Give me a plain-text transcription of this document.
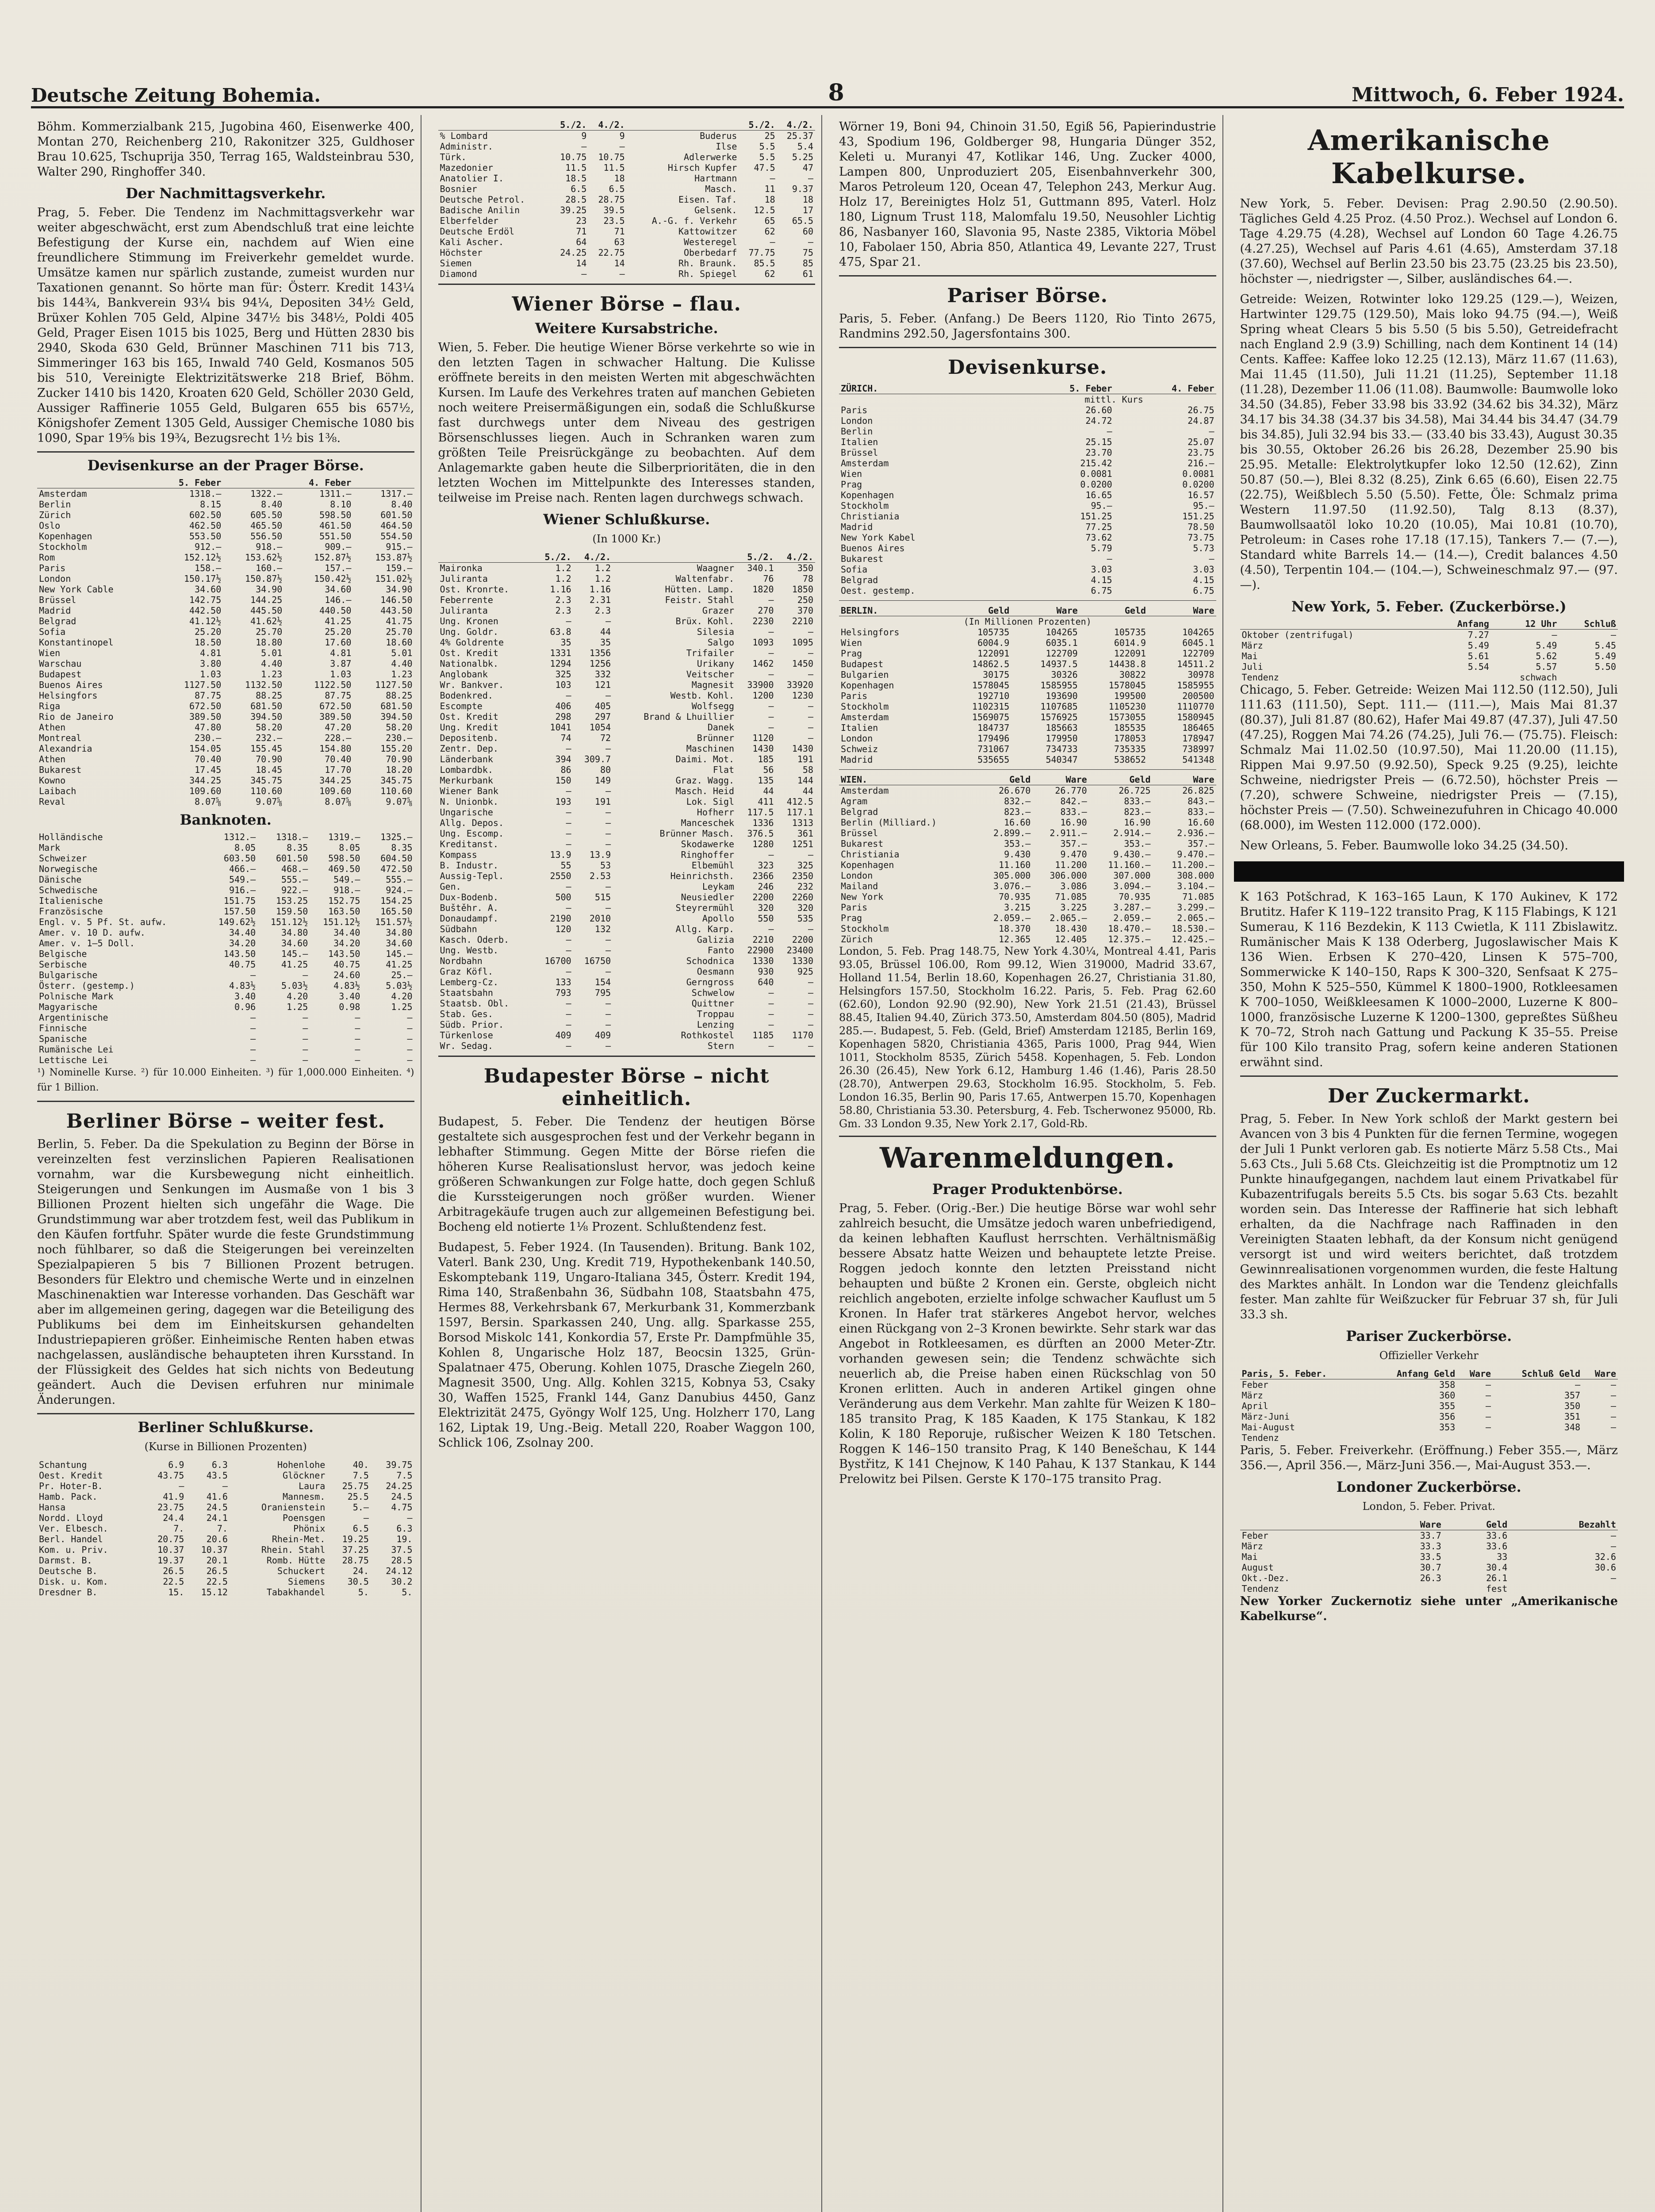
Deutsche Zeitung Bohemia.	8	Mittwoch, 6. Feber 1924.

Böhm. Kommerzialbank 215, Jugobina 460, Eisenwerke 400, Montan 270, Reichenberg 210, Rakonitzer 325, Guldhoser Brau 10.625, Tschuprija 350, Terrag 165, Waldsteinbrau 530, Walter 290, Ringhoffer 340.

Der Nachmittagsverkehr.

Prag, 5. Feber. Die Tendenz im Nachmittagsverkehr war weiter abgeschwächt, erst zum Abendschluß trat eine leichte Befestigung der Kurse ein, nachdem auf Wien eine freundlichere Stimmung im Freiverkehr gemeldet wurde. Umsätze kamen nur spärlich zustande, zumeist wurden nur Taxationen genannt. So hörte man für: Österr. Kredit 143¼ bis 144¾, Bankverein 93¼ bis 94¼, Depositen 34½ Geld, Brüxer Kohlen 705 Geld, Alpine 347½ bis 348½, Poldi 405 Geld, Prager Eisen 1015 bis 1025, Berg und Hütten 2830 bis 2940, Skoda 630 Geld, Brünner Maschinen 711 bis 713, Simmeringer 163 bis 165, Inwald 740 Geld, Kosmanos 505 bis 510, Vereinigte Elektrizitätswerke 218 Brief, Böhm. Zucker 1410 bis 1420, Kroaten 620 Geld, Schöller 2030 Geld, Aussiger Raffinerie 1055 Geld, Bulgaren 655 bis 657½, Königshofer Zement 1305 Geld, Aussiger Chemische 1080 bis 1090, Spar 19⅝ bis 19¾, Bezugsrecht 1½ bis 1⅜.

Devisenkurse an der Prager Börse.
	5. Feber		4. Feber	
Amsterdam	1318.—	1322.—	1311.—	1317.—
Berlin	8.15	8.40	8.10	8.40
Zürich	602.50	605.50	598.50	601.50
Oslo	462.50	465.50	461.50	464.50
Kopenhagen	553.50	556.50	551.50	554.50
Stockholm	912.—	918.—	909.—	915.—
Rom	152.12½	153.62½	152.87½	153.87½
Paris	158.—	160.—	157.—	159.—
London	150.17½	150.87½	150.42½	151.02½
New York Cable	34.60	34.90	34.60	34.90
Brüssel	142.75	144.25	146.—	146.50
Madrid	442.50	445.50	440.50	443.50
Belgrad	41.12½	41.62½	41.25	41.75
Sofia	25.20	25.70	25.20	25.70
Konstantinopel	18.50	18.80	17.60	18.60
Wien	4.81	5.01	4.81	5.01
Warschau	3.80	4.40	3.87	4.40
Budapest	1.03	1.23	1.03	1.23
Buenos Aires	1127.50	1132.50	1122.50	1127.50
Helsingfors	87.75	88.25	87.75	88.25
Riga	672.50	681.50	672.50	681.50
Rio de Janeiro	389.50	394.50	389.50	394.50
Athen	47.80	58.20	47.20	58.20
Montreal	230.—	232.—	228.—	230.—
Alexandria	154.05	155.45	154.80	155.20
Athen	70.40	70.90	70.40	70.90
Bukarest	17.45	18.45	17.70	18.20
Kowno	344.25	345.75	344.25	345.75
Laibach	109.60	110.60	109.60	110.60
Reval	8.07⅝	9.07⅝	8.07⅝	9.07⅝
Banknoten.
Holländische	1312.—	1318.—	1319.—	1325.—
Mark	8.05	8.35	8.05	8.35
Schweizer	603.50	601.50	598.50	604.50
Norwegische	466.—	468.—	469.50	472.50
Dänische	549.—	555.—	549.—	555.—
Schwedische	916.—	922.—	918.—	924.—
Italienische	151.75	153.25	152.75	154.25
Französische	157.50	159.50	163.50	165.50
Engl. v. 5 Pf. St. aufw.	149.62½	151.12½	151.12½	151.57½
Amer. v. 10 D. aufw.	34.40	34.80	34.40	34.80
Amer. v. 1–5 Doll.	34.20	34.60	34.20	34.60
Belgische	143.50	145.—	143.50	145.—
Serbische	40.75	41.25	40.75	41.25
Bulgarische	—	—	24.60	25.—
Österr. (gestemp.)	4.83½	5.03½	4.83½	5.03½
Polnische Mark	3.40	4.20	3.40	4.20
Magyarische	0.96	1.25	0.98	1.25
Argentinische	—	—	—	—
Finnische	—	—	—	—
Spanische	—	—	—	—
Rumänische Lei	—	—	—	—
Lettische Lei	—	—	—	—

¹) Nominelle Kurse. ²) für 10.000 Einheiten. ³) für 1,000.000 Einheiten. ⁴) für 1 Billion.

Berliner Börse – weiter fest.

Berlin, 5. Feber. Da die Spekulation zu Beginn der Börse in vereinzelten fest verzinslichen Papieren Realisationen vornahm, war die Kursbewegung nicht einheitlich. Steigerungen und Senkungen im Ausmaße von 1 bis 3 Billionen Prozent hielten sich ungefähr die Wage. Die Grundstimmung war aber trotzdem fest, weil das Publikum in den Käufen fortfuhr. Später wurde die feste Grundstimmung noch fühlbarer, so daß die Steigerungen bei vereinzelten Spezialpapieren 5 bis 7 Billionen Prozent betrugen. Besonders für Elektro und chemische Werte und in einzelnen Maschinenaktien war Interesse vorhanden. Das Geschäft war aber im allgemeinen gering, dagegen war die Beteiligung des Publikums bei dem im Einheitskursen gehandelten Industriepapieren größer. Einheimische Renten haben etwas nachgelassen, ausländische behaupteten ihren Kursstand. In der Flüssigkeit des Geldes hat sich nichts von Bedeutung geändert. Auch die Devisen erfuhren nur minimale Änderungen.

Berliner Schlußkurse.

(Kurse in Billionen Prozenten)

Schantung	6.9	6.3	Hohenlohe	40.	39.75
Oest. Kredit	43.75	43.5	Glöckner	7.5	7.5
Pr. Hoter-B.	—	—	Laura	25.75	24.25
Hamb. Pack.	41.9	41.6	Mannesm.	25.5	24.5
Hansa	23.75	24.5	Oranienstein	5.—	4.75
Nordd. Lloyd	24.4	24.1	Poensgen	—	—
Ver. Elbesch.	7.	7.	Phönix	6.5	6.3
Berl. Handel	20.75	20.6	Rhein-Met.	19.25	19.
Kom. u. Priv.	10.37	10.37	Rhein. Stahl	37.25	37.5
Darmst. B.	19.37	20.1	Romb. Hütte	28.75	28.5
Deutsche B.	26.5	26.5	Schuckert	24.	24.12
Disk. u. Kom.	22.5	22.5	Siemens	30.5	30.2
Dresdner B.	15.	15.12	Tabakhandel	5.	5.
	5./2.	4./2.		5./2.	4./2.
% Lombard	9	9	Buderus	25	25.37
Administr.	—	—	Ilse	5.5	5.4
Türk.	10.75	10.75	Adlerwerke	5.5	5.25
Mazedonier	11.5	11.5	Hirsch Kupfer	47.5	47
Anatolier I.	18.5	18	Hartmann	—	—
Bosnier	6.5	6.5	Masch.	11	9.37
Deutsche Petrol.	28.5	28.75	Eisen. Taf.	18	18
Badische Anilin	39.25	39.5	Gelsenk.	12.5	17
Elberfelder	23	23.5	A.-G. f. Verkehr	65	65.5
Deutsche Erdöl	71	71	Kattowitzer	62	60
Kali Ascher.	64	63	Westeregel	—	—
Höchster	24.25	22.75	Oberbedarf	77.75	75
Siemen	14	14	Rh. Braunk.	85.5	85
Diamond	—	—	Rh. Spiegel	62	61
Wiener Börse – flau.
Weitere Kursabstriche.

Wien, 5. Feber. Die heutige Wiener Börse verkehrte so wie in den letzten Tagen in schwacher Haltung. Die Kulisse eröffnete bereits in den meisten Werten mit abgeschwächten Kursen. Im Laufe des Verkehres traten auf manchen Gebieten noch weitere Preisermäßigungen ein, sodaß die Schlußkurse fast durchwegs unter dem Niveau des gestrigen Börsenschlusses liegen. Auch in Schranken waren zum größten Teile Preisrückgänge zu beobachten. Auf dem Anlagemarkte gaben heute die Silberprioritäten, die in den letzten Wochen im Mittelpunkte des Interesses standen, teilweise im Preise nach. Renten lagen durchwegs schwach.

Wiener Schlußkurse.

(In 1000 Kr.)

	5./2.	4./2.		5./2.	4./2.
Maironka	1.2	1.2	Waagner	340.1	350
Juliranta	1.2	1.2	Waltenfabr.	76	78
Ost. Kronrte.	1.16	1.16	Hütten. Lamp.	1820	1850
Feberrente	2.3	2.31	Feistr. Stahl	—	250
Juliranta	2.3	2.3	Grazer	270	370
Ung. Kronen	—	—	Brüx. Kohl.	2230	2210
Ung. Goldr.	63.8	44	Silesia	—	—
4% Goldrente	35	35	Salgo	1093	1095
Ost. Kredit	1331	1356	Trifailer	—	—
Nationalbk.	1294	1256	Urikany	1462	1450
Anglobank	325	332	Veitscher	—	—
Wr. Bankver.	103	121	Magnesit	33900	33920
Bodenkred.	—	—	Westb. Kohl.	1200	1230
Escompte	406	405	Wolfsegg	—	—
Ost. Kredit	298	297	Brand & Lhuillier	—	—
Ung. Kredit	1041	1054	Danek	—	—
Depositenb.	74	72	Brünner	1120	—
Zentr. Dep.	—	—	Maschinen	1430	1430
Länderbank	394	309.7	Daimi. Mot.	185	191
Lombardbk.	86	80	Flat	56	58
Merkurbank	150	149	Graz. Wagg.	135	144
Wiener Bank	—	—	Masch. Heid	44	44
N. Unionbk.	193	191	Lok. Sigl	411	412.5
Ungarische	—	—	Hofherr	117.5	117.1
Allg. Depos.	—	—	Manceschek	1336	1313
Ung. Escomp.	—	—	Brünner Masch.	376.5	361
Kreditanst.	—	—	Skodawerke	1280	1251
Kompass	13.9	13.9	Ringhoffer	—	—
B. Industr.	55	53	Elbemühl	323	325
Aussig-Tepl.	2550	2.53	Heinrichsth.	2366	2350
Gen.	—	—	Leykam	246	232
Dux-Bodenb.	500	515	Neusiedler	2200	2260
Buštěhr. A.	—	—	Steyrermühl	320	320
Donaudampf.	2190	2010	Apollo	550	535
Südbahn	120	132	Allg. Karp.	—	—
Kasch. Oderb.	—	—	Galizia	2210	2200
Ung. Westb.	—	—	Fanto	22900	23400
Nordbahn	16700	16750	Schodnica	1330	1330
Graz Köfl.	—	—	Oesmann	930	925
Lemberg-Cz.	133	154	Gerngross	640	—
Staatsbahn	793	795	Schwelow	—	—
Staatsb. Obl.	—	—	Quittner	—	—
Stab. Ges.	—	—	Troppau	—	—
Südb. Prior.	—	—	Lenzing	—	—
Türkenlose	409	409	Rothkostel	1185	1170
Wr. Sedag.	—	—	Stern	—	—
Budapester Börse – nicht einheitlich.

Budapest, 5. Feber. Die Tendenz der heutigen Börse gestaltete sich ausgesprochen fest und der Verkehr begann in lebhafter Stimmung. Gegen Mitte der Börse riefen die höheren Kurse Realisationslust hervor, was jedoch keine größeren Schwankungen zur Folge hatte, doch gegen Schluß die Kurssteigerungen noch größer wurden. Wiener Arbitragekäufe trugen auch zur allgemeinen Befestigung bei. Bocheng eld notierte 1⅛ Prozent. Schlußtendenz fest.

Budapest, 5. Feber 1924. (In Tausenden). Britung. Bank 102, Vaterl. Bank 230, Ung. Kredit 719, Hypothekenbank 140.50, Eskomptebank 119, Ungaro-Italiana 345, Österr. Kredit 194, Rima 140, Straßenbahn 36, Südbahn 108, Staatsbahn 475, Hermes 88, Verkehrsbank 67, Merkurbank 31, Kommerzbank 1597, Bersin. Sparkassen 240, Ung. allg. Sparkasse 255, Borsod Miskolc 141, Konkordia 57, Erste Pr. Dampfmühle 35, Kohlen 8, Ungarische Holz 187, Beocsin 1325, Grün-Spalatnaer 475, Oberung. Kohlen 1075, Drasche Ziegeln 260, Magnesit 3500, Ung. Allg. Kohlen 3215, Kobnya 53, Csaky 30, Waffen 1525, Frankl 144, Ganz Danubius 4450, Ganz Elektrizität 2475, Gyöngy Wolf 125, Ung. Holzherr 170, Lang 162, Liptak 19, Ung.-Beig. Metall 220, Roaber Waggon 100, Schlick 106, Zsolnay 200.

Wörner 19, Boni 94, Chinoin 31.50, Egiß 56, Papierindustrie 43, Spodium 196, Goldberger 98, Hungaria Dünger 352, Keleti u. Muranyi 47, Kotlikar 146, Ung. Zucker 4000, Lampen 800, Unproduziert 205, Eisenbahnverkehr 300, Maros Petroleum 120, Ocean 47, Telephon 243, Merkur Aug. Holz 17, Bereinigtes Holz 51, Guttmann 895, Vaterl. Holz 180, Lignum Trust 118, Malomfalu 19.50, Neusohler Lichtig 86, Nasbanyer 160, Slavonia 95, Naste 2385, Viktoria Möbel 10, Fabolaer 150, Abria 850, Atlantica 49, Levante 227, Trust 475, Spar 21.

Pariser Börse.

Paris, 5. Feber. (Anfang.) De Beers 1120, Rio Tinto 2675, Randmins 292.50, Jagersfontains 300.

Devisenkurse.
ZÜRICH.	5. Feber	4. Feber
	mittl. Kurs	
Paris	26.60	26.75
London	24.72	24.87
Berlin	—	—
Italien	25.15	25.07
Brüssel	23.70	23.75
Amsterdam	215.42	216.—
Wien	0.0081	0.0081
Prag	0.0200	0.0200
Kopenhagen	16.65	16.57
Stockholm	95.—	95.—
Christiania	151.25	151.25
Madrid	77.25	78.50
New York Kabel	73.62	73.75
Buenos Aires	5.79	5.73
Bukarest	—	—
Sofia	3.03	3.03
Belgrad	4.15	4.15
Oest. gestemp.	6.75	6.75
BERLIN.	Geld	Ware	Geld	Ware
(In Millionen Prozenten)				
Helsingfors	105735	104265	105735	104265
Wien	6004.9	6035.1	6014.9	6045.1
Prag	122091	122709	122091	122709
Budapest	14862.5	14937.5	14438.8	14511.2
Bulgarien	30175	30326	30822	30978
Kopenhagen	1578045	1585955	1578045	1585955
Paris	192710	193690	199500	200500
Stockholm	1102315	1107685	1105230	1110770
Amsterdam	1569075	1576925	1573055	1580945
Italien	184737	185663	185535	186465
London	179496	179950	178053	178947
Schweiz	731067	734733	735335	738997
Madrid	535655	540347	538652	541348
WIEN.	Geld	Ware	Geld	Ware
Amsterdam	26.670	26.770	26.725	26.825
Agram	832.—	842.—	833.—	843.—
Belgrad	823.—	833.—	823.—	833.—
Berlin (Milliard.)	16.60	16.90	16.90	16.60
Brüssel	2.899.—	2.911.—	2.914.—	2.936.—
Bukarest	353.—	357.—	353.—	357.—
Christiania	9.430	9.470	9.430.—	9.470.—
Kopenhagen	11.160	11.200	11.160.—	11.200.—
London	305.000	306.000	307.000	308.000
Mailand	3.076.—	3.086	3.094.—	3.104.—
New York	70.935	71.085	70.935	71.085
Paris	3.215	3.225	3.287.—	3.299.—
Prag	2.059.—	2.065.—	2.059.—	2.065.—
Stockholm	18.370	18.430	18.470.—	18.530.—
Zürich	12.365	12.405	12.375.—	12.425.—

London, 5. Feb. Prag 148.75, New York 4.30¼, Montreal 4.41, Paris 93.05, Brüssel 106.00, Rom 99.12, Wien 319000, Madrid 33.67, Holland 11.54, Berlin 18.60, Kopenhagen 26.27, Christiania 31.80, Helsingfors 157.50, Stockholm 16.22. Paris, 5. Feb. Prag 62.60 (62.60), London 92.90 (92.90), New York 21.51 (21.43), Brüssel 88.45, Italien 94.40, Zürich 373.50, Amsterdam 804.50 (805), Madrid 285.—. Budapest, 5. Feb. (Geld, Brief) Amsterdam 12185, Berlin 169, Kopenhagen 5820, Christiania 4365, Paris 1000, Prag 944, Wien 1011, Stockholm 8535, Zürich 5458. Kopenhagen, 5. Feb. London 26.30 (26.45), New York 6.12, Hamburg 1.46 (1.46), Paris 28.50 (28.70), Antwerpen 29.63, Stockholm 16.95. Stockholm, 5. Feb. London 16.35, Berlin 90, Paris 17.65, Antwerpen 15.70, Kopenhagen 58.80, Christiania 53.30. Petersburg, 4. Feb. Tscherwonez 95000, Rb. Gm. 33 London 9.35, New York 2.17, Gold-Rb.

Warenmeldungen.
Prager Produktenbörse.

Prag, 5. Feber. (Orig.-Ber.) Die heutige Börse war wohl sehr zahlreich besucht, die Umsätze jedoch waren unbefriedigend, da keinen lebhaften Kauflust herrschten. Verhältnismäßig bessere Absatz hatte Weizen und behauptete letzte Preise. Roggen jedoch konnte den letzten Preisstand nicht behaupten und büßte 2 Kronen ein. Gerste, obgleich nicht reichlich angeboten, erzielte infolge schwacher Kauflust um 5 Kronen. In Hafer trat stärkeres Angebot hervor, welches einen Rückgang von 2–3 Kronen bewirkte. Sehr stark war das Angebot in Rotkleesamen, es dürften an 2000 Meter-Ztr. vorhanden gewesen sein; die Tendenz schwächte sich neuerlich ab, die Preise haben einen Rückschlag von 50 Kronen erlitten. Auch in anderen Artikel gingen ohne Veränderung aus dem Verkehr. Man zahlte für Weizen K 180–185 transito Prag, K 185 Kaaden, K 175 Stankau, K 182 Kolin, K 180 Reporuje, rußischer Weizen K 180 Tetschen. Roggen K 146–150 transito Prag, K 140 Benešchau, K 144 Bystřitz, K 141 Chejnow, K 140 Pahau, K 137 Stankau, K 144 Prelowitz bei Pilsen. Gerste K 170–175 transito Prag.

Amerikanische Kabelkurse.

New York, 5. Feber. Devisen: Prag 2.90.50 (2.90.50). Tägliches Geld 4.25 Proz. (4.50 Proz.). Wechsel auf London 6. Tage 4.29.75 (4.28), Wechsel auf London 60 Tage 4.26.75 (4.27.25), Wechsel auf Paris 4.61 (4.65), Amsterdam 37.18 (37.60), Wechsel auf Berlin 23.50 bis 23.75 (23.25 bis 23.50), höchster —, niedrigster —, Silber, ausländisches 64.—.

Getreide: Weizen, Rotwinter loko 129.25 (129.—), Weizen, Hartwinter 129.75 (129.50), Mais loko 94.75 (94.—), Weiß Spring wheat Clears 5 bis 5.50 (5 bis 5.50), Getreidefracht nach England 2.9 (3.9) Schilling, nach dem Kontinent 14 (14) Cents. Kaffee: Kaffee loko 12.25 (12.13), März 11.67 (11.63), Mai 11.45 (11.50), Juli 11.21 (11.25), September 11.18 (11.28), Dezember 11.06 (11.08). Baumwolle: Baumwolle loko 34.50 (34.85), Feber 33.98 bis 33.92 (34.62 bis 34.32), März 34.17 bis 34.38 (34.37 bis 34.58), Mai 34.44 bis 34.47 (34.79 bis 34.85), Juli 32.94 bis 33.— (33.40 bis 33.43), August 30.35 bis 30.55, Oktober 26.26 bis 26.28, Dezember 25.90 bis 25.95. Metalle: Elektrolytkupfer loko 12.50 (12.62), Zinn 50.87 (50.—), Blei 8.32 (8.25), Zink 6.65 (6.60), Eisen 22.75 (22.75), Weißblech 5.50 (5.50). Fette, Öle: Schmalz prima Western 11.97.50 (11.92.50), Talg 8.13 (8.37), Baumwollsaatöl loko 10.20 (10.05), Mai 10.81 (10.70), Petroleum: in Cases rohe 17.18 (17.15), Tankers 7.— (7.—), Standard white Barrels 14.— (14.—), Credit balances 4.50 (4.50), Terpentin 104.— (104.—), Schweineschmalz 97.— (97.—).

New York, 5. Feber. (Zuckerbörse.)
	Anfang	12 Uhr	Schluß
Oktober (zentrifugal)	7.27	—	—
März	5.49	5.49	5.45
Mai	5.61	5.62	5.49
Juli	5.54	5.57	5.50
Tendenz		schwach	

Chicago, 5. Feber. Getreide: Weizen Mai 112.50 (112.50), Juli 111.63 (111.50), Sept. 111.— (111.—), Mais Mai 81.37 (80.37), Juli 81.87 (80.62), Hafer Mai 49.87 (47.37), Juli 47.50 (47.25), Roggen Mai 74.26 (74.25), Juli 76.— (75.75). Fleisch: Schmalz Mai 11.02.50 (10.97.50), Mai 11.20.00 (11.15), Rippen Mai 9.97.50 (9.92.50), Speck 9.25 (9.25), leichte Schweine, niedrigster Preis — (6.72.50), höchster Preis — (7.20), schwere Schweine, niedrigster Preis — (7.15), höchster Preis — (7.50). Schweinezufuhren in Chicago 40.000 (68.000), im Westen 112.000 (172.000).

New Orleans, 5. Feber. Baumwolle loko 34.25 (34.50).

K 163 Potšchrad, K 163–165 Laun, K 170 Aukinev, K 172 Brutitz. Hafer K 119–122 transito Prag, K 115 Flabings, K 121 Sumerau, K 116 Bezdekin, K 113 Cwietla, K 111 Zbislawitz. Rumänischer Mais K 138 Oderberg, Jugoslawischer Mais K 136 Wien. Erbsen K 270–420, Linsen K 575–700, Sommerwicke K 140–150, Raps K 300–320, Senfsaat K 275–350, Mohn K 525–550, Kümmel K 1800–1900, Rotkleesamen K 700–1050, Weißkleesamen K 1000–2000, Luzerne K 800–1000, französische Luzerne K 1200–1300, gepreßtes Süßheu K 70–72, Stroh nach Gattung und Packung K 35–55. Preise für 100 Kilo transito Prag, sofern keine anderen Stationen erwähnt sind.

Der Zuckermarkt.

Prag, 5. Feber. In New York schloß der Markt gestern bei Avancen von 3 bis 4 Punkten für die fernen Termine, wogegen der Juli 1 Punkt verloren gab. Es notierte März 5.58 Cts., Mai 5.63 Cts., Juli 5.68 Cts. Gleichzeitig ist die Promptnotiz um 12 Punkte hinaufgegangen, nachdem laut einem Privatkabel für Kubazentrifugals bereits 5.5 Cts. bis sogar 5.63 Cts. bezahlt worden sein. Das Interesse der Raffinerie hat sich lebhaft erhalten, da die Nachfrage nach Raffinaden in den Vereinigten Staaten lebhaft, da der Konsum nicht genügend versorgt ist und wird weiters berichtet, daß trotzdem Gewinnrealisationen vorgenommen wurden, die feste Haltung des Marktes anhält. In London war die Tendenz gleichfalls fester. Man zahlte für Weißzucker für Februar 37 sh, für Juli 33.3 sh.

Pariser Zuckerbörse.

Offizieller Verkehr

Paris, 5. Feber.	Anfang Geld	Ware	Schluß Geld	Ware
Feber	358	—	—	—
März	360	—	357	—
April	355	—	350	—
März-Juni	356	—	351	—
Mai-August	353	—	348	—
Tendenz				

Paris, 5. Feber. Freiverkehr. (Eröffnung.) Feber 355.—, März 356.—, April 356.—, März-Juni 356.—, Mai-August 353.—.

Londoner Zuckerbörse.

London, 5. Feber. Privat.

	Ware	Geld	Bezahlt
Feber	33.7	33.6	—
März	33.3	33.6	—
Mai	33.5	33	32.6
August	30.7	30.4	30.6
Okt.-Dez.	26.3	26.1	—
Tendenz		fest	

New Yorker Zuckernotiz siehe unter „Amerikanische Kabelkurse“.
